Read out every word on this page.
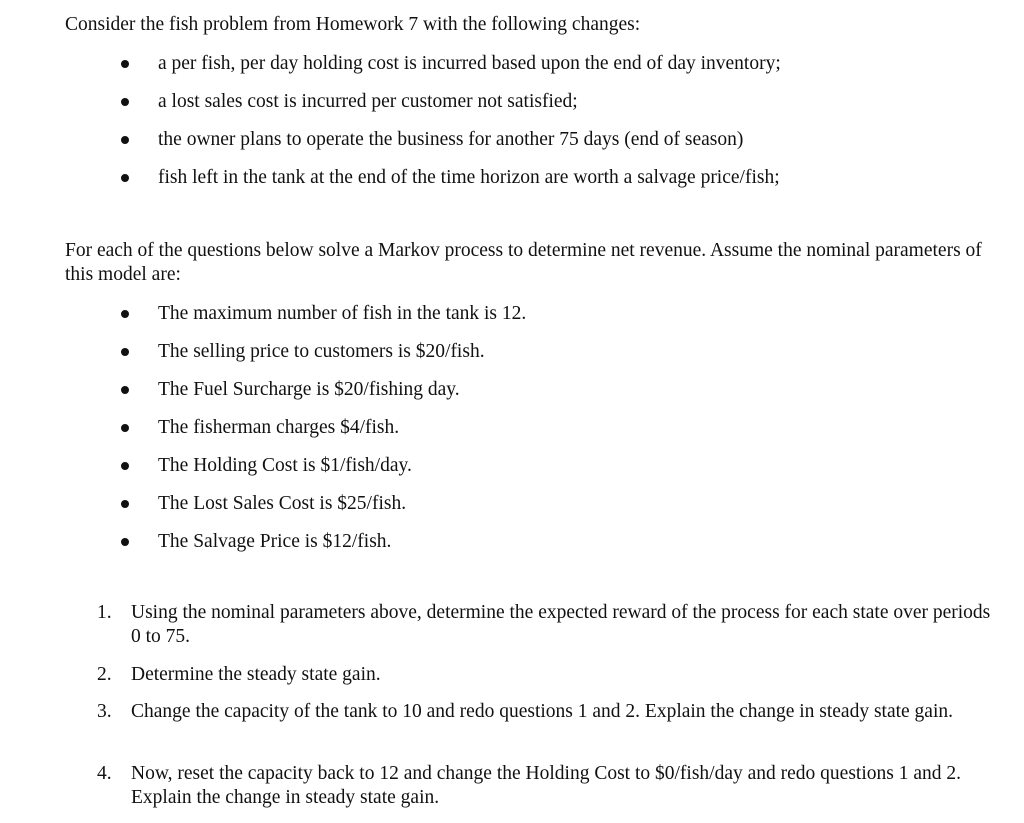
Consider the fish problem from Homework 7 with the following changes:
a per fish, per day holding cost is incurred based upon the end of day inventory;
a lost sales cost is incurred per customer not satisfied;
the owner plans to operate the business for another 75 days (end of season)
fish left in the tank at the end of the time horizon are worth a salvage price/fish;
For each of the questions below solve a Markov process to determine net revenue. Assume the nominal parameters of this model are:
The maximum number of fish in the tank is 12.
The selling price to customers is $20/fish.
The Fuel Surcharge is $20/fishing day.
The fisherman charges $4/fish.
The Holding Cost is $1/fish/day.
The Lost Sales Cost is $25/fish.
The Salvage Price is $12/fish.
1. Using the nominal parameters above, determine the expected reward of the process for each state over periods 0 to 75.
2. Determine the steady state gain.
3. Change the capacity of the tank to 10 and redo questions 1 and 2. Explain the change in steady state gain.
4. Now, reset the capacity back to 12 and change the Holding Cost to $0/fish/day and redo questions 1 and 2. Explain the change in steady state gain.
